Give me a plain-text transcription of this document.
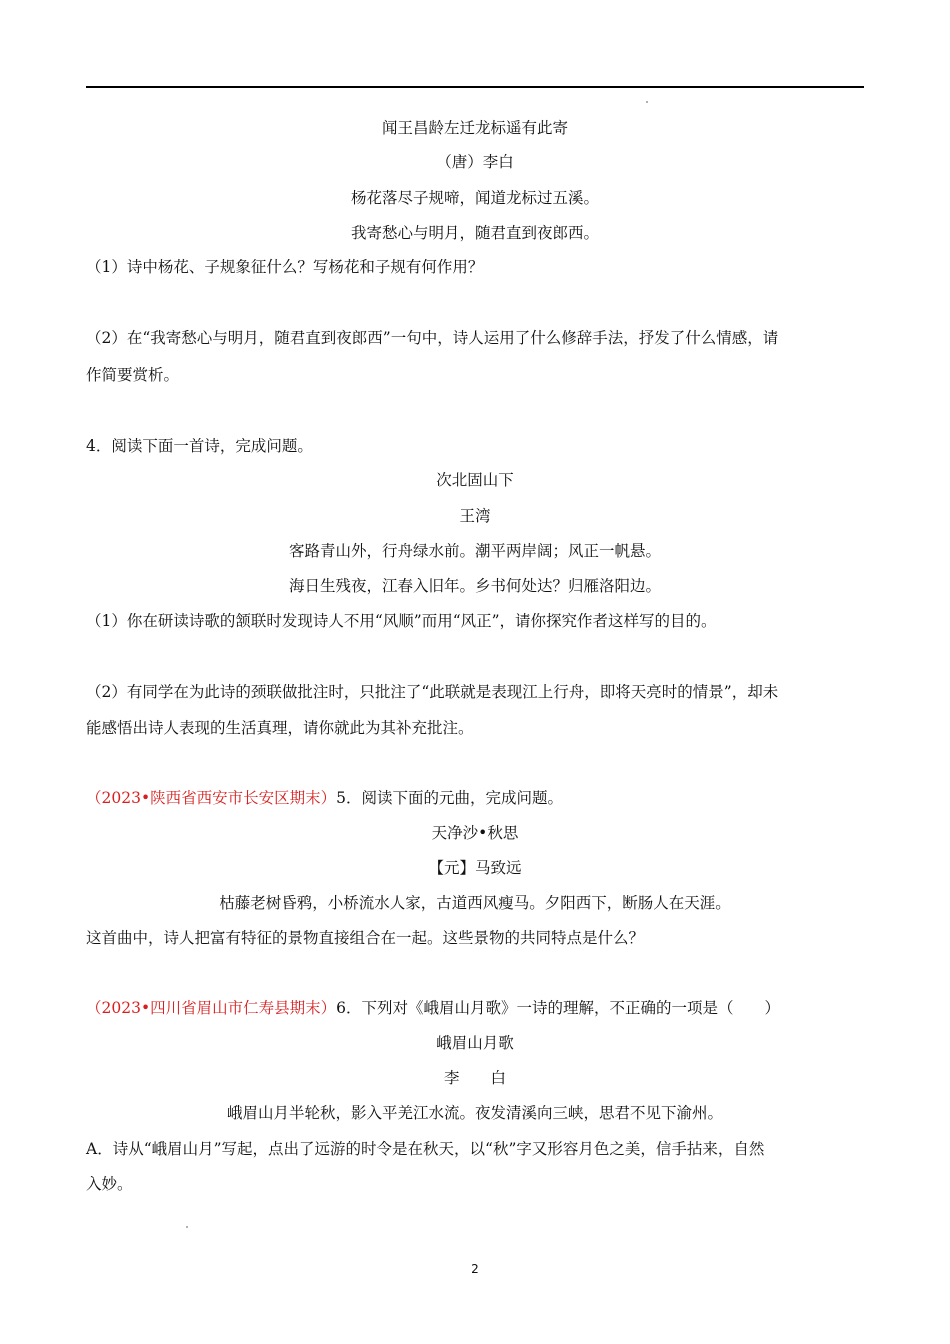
闻王昌龄左迁龙标遥有此寄
（唐）李白
杨花落尽子规啼，闻道龙标过五溪。
我寄愁心与明月，随君直到夜郎西。
（1）诗中杨花、子规象征什么？写杨花和子规有何作用？
（2）在“我寄愁心与明月，随君直到夜郎西”一句中，诗人运用了什么修辞手法，抒发了什么情感，请
作简要赏析。
4．阅读下面一首诗，完成问题。
次北固山下
王湾
客路青山外，行舟绿水前。潮平两岸阔；风正一帆悬。
海日生残夜，江春入旧年。乡书何处达？归雁洛阳边。
（1）你在研读诗歌的颔联时发现诗人不用“风顺”而用“风正”，请你探究作者这样写的目的。
（2）有同学在为此诗的颈联做批注时，只批注了“此联就是表现江上行舟，即将天亮时的情景”，却未
能感悟出诗人表现的生活真理，请你就此为其补充批注。
（2023•陕西省西安市长安区期末）5．阅读下面的元曲，完成问题。
天净沙•秋思
【元】马致远
枯藤老树昏鸦，小桥流水人家，古道西风瘦马。夕阳西下，断肠人在天涯。
这首曲中，诗人把富有特征的景物直接组合在一起。这些景物的共同特点是什么？
（2023•四川省眉山市仁寿县期末）6．下列对《峨眉山月歌》一诗的理解，不正确的一项是（　　）
峨眉山月歌
李　　白
峨眉山月半轮秋，影入平羌江水流。夜发清溪向三峡，思君不见下渝州。
A．诗从“峨眉山月”写起，点出了远游的时令是在秋天，以“秋”字又形容月色之美，信手拈来，自然
入妙。
2
